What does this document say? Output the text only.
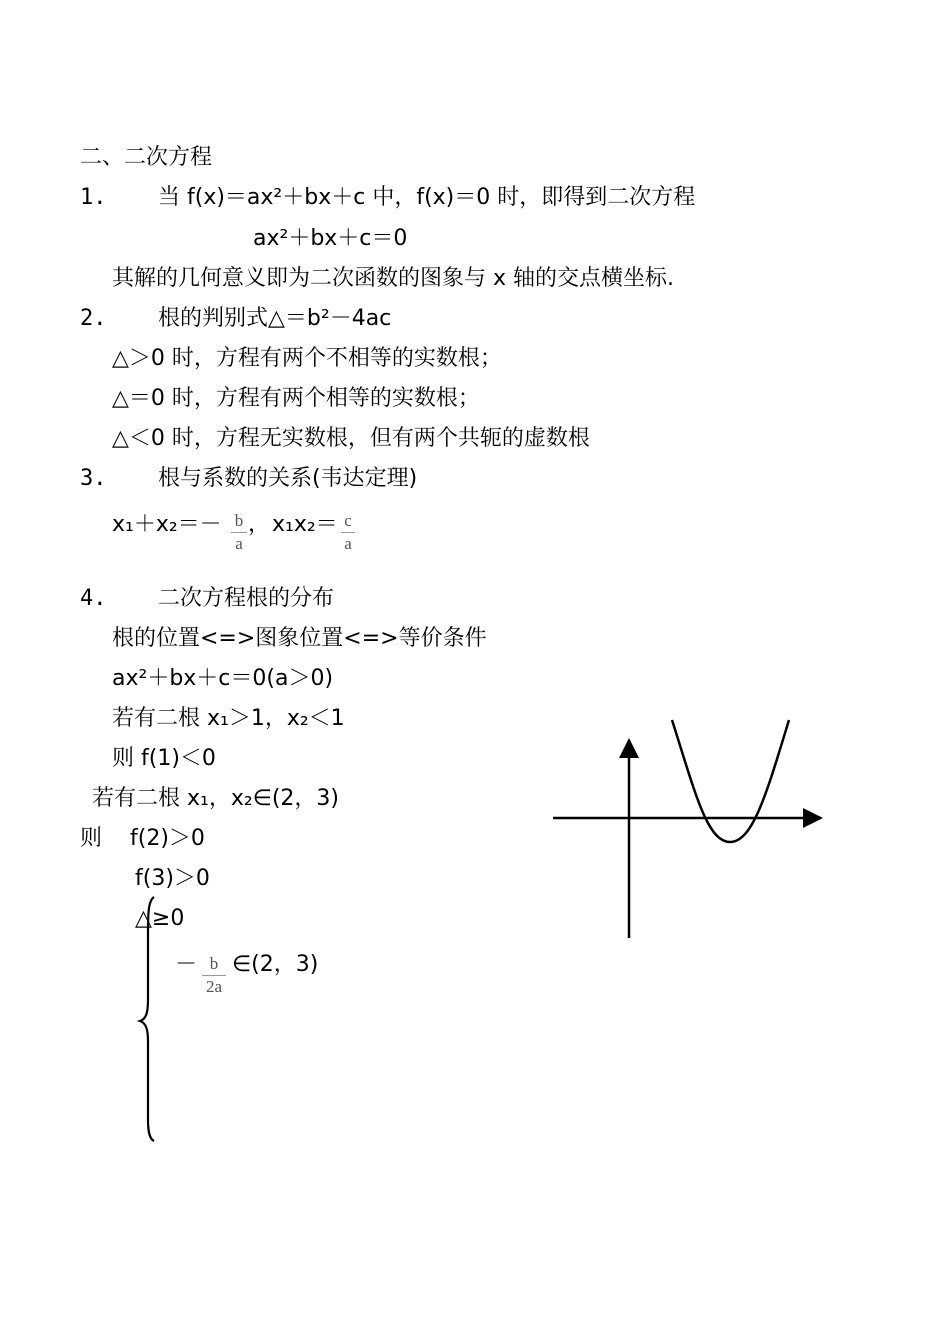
二、二次方程
1. 当 f(x)＝ax²＋bx＋c 中，f(x)＝0 时，即得到二次方程
ax²＋bx＋c＝0
其解的几何意义即为二次函数的图象与 x 轴的交点横坐标.
2. 根的判别式△＝b²－4ac
△＞0 时，方程有两个不相等的实数根；
△＝0 时，方程有两个相等的实数根；
△＜0 时，方程无实数根，但有两个共轭的虚数根
3. 根与系数的关系(韦达定理)
x₁＋x₂＝－ b
a
， x₁x₂＝ c
a
4. 二次方程根的分布
根的位置<=>图象位置<=>等价条件
ax²＋bx＋c＝0(a＞0)
若有二根 x₁＞1，x₂＜1
则 f(1)＜0
若有二根 x₁，x₂∈(2，3)
则 f(2)＞0
f(3)＞0
△≥0
－ b
2a
∈(2，3)
